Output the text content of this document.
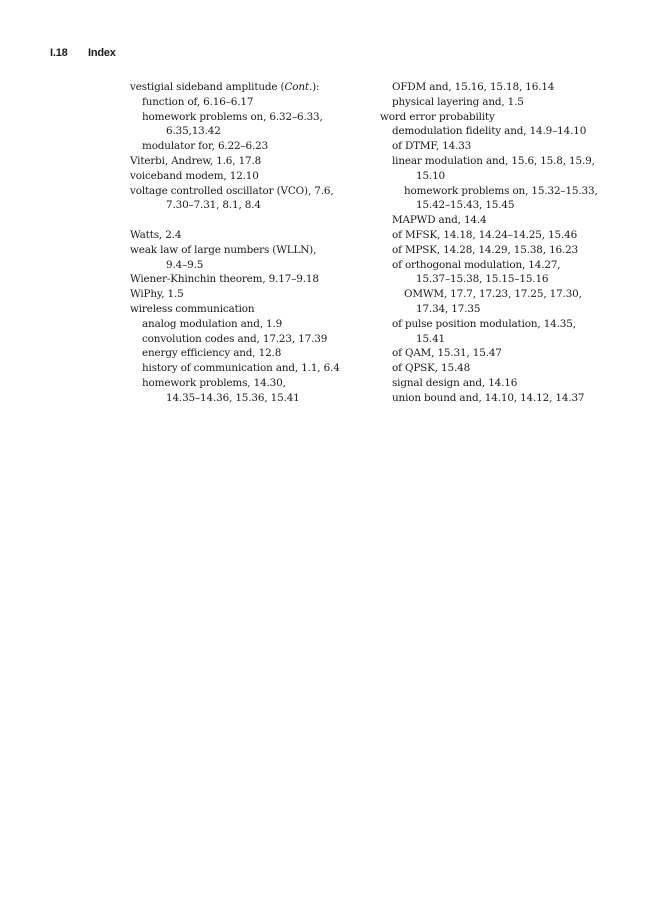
I.18 Index
vestigial sideband amplitude (Cont.):
function of, 6.16–6.17
homework problems on, 6.32–6.33,
6.35,13.42
modulator for, 6.22–6.23
Viterbi, Andrew, 1.6, 17.8
voiceband modem, 12.10
voltage controlled oscillator (VCO), 7.6,
7.30–7.31, 8.1, 8.4
Watts, 2.4
weak law of large numbers (WLLN),
9.4–9.5
Wiener-Khinchin theorem, 9.17–9.18
WiPhy, 1.5
wireless communication
analog modulation and, 1.9
convolution codes and, 17.23, 17.39
energy efficiency and, 12.8
history of communication and, 1.1, 6.4
homework problems, 14.30,
14.35–14.36, 15.36, 15.41
OFDM and, 15.16, 15.18, 16.14
physical layering and, 1.5
word error probability
demodulation fidelity and, 14.9–14.10
of DTMF, 14.33
linear modulation and, 15.6, 15.8, 15.9,
15.10
homework problems on, 15.32–15.33,
15.42–15.43, 15.45
MAPWD and, 14.4
of MFSK, 14.18, 14.24–14.25, 15.46
of MPSK, 14.28, 14.29, 15.38, 16.23
of orthogonal modulation, 14.27,
15.37–15.38, 15.15–15.16
OMWM, 17.7, 17.23, 17.25, 17.30,
17.34, 17.35
of pulse position modulation, 14.35,
15.41
of QAM, 15.31, 15.47
of QPSK, 15.48
signal design and, 14.16
union bound and, 14.10, 14.12, 14.37
